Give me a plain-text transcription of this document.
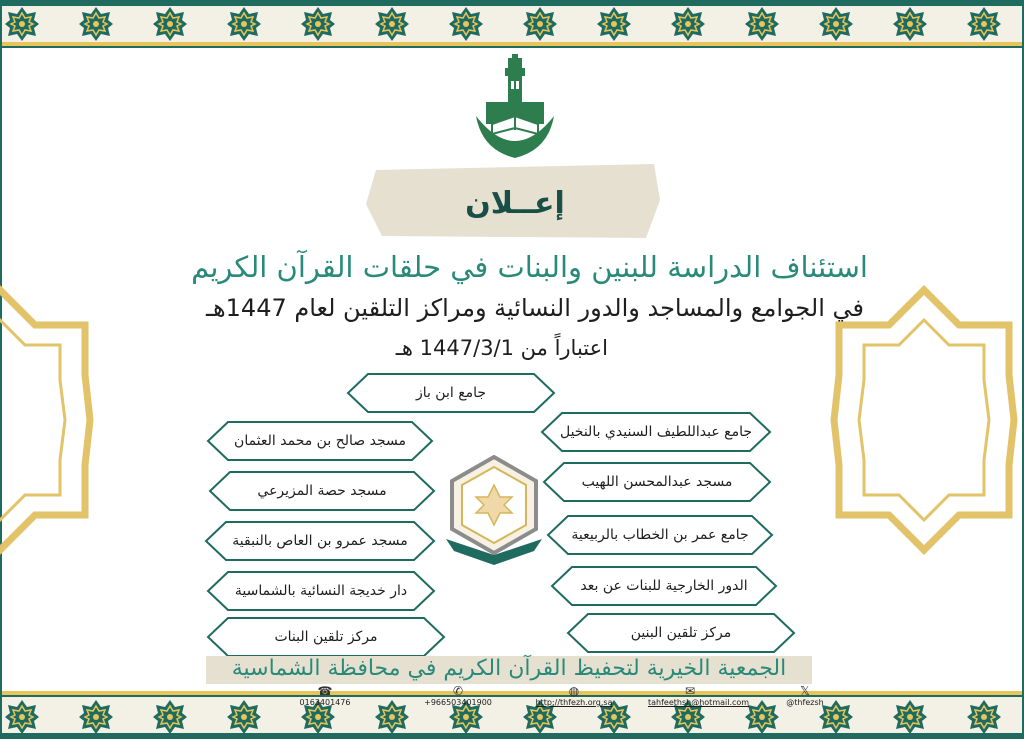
إعــلان
استئناف الدراسة للبنين والبنات في حلقات القرآن الكريم
في الجوامع والمساجد والدور النسائية ومراكز التلقين لعام 1447هـ
اعتباراً من 1447/3/1 هـ
جامع ابن باز
مسجد صالح بن محمد العثمان
مسجد حصة المزيرعي
مسجد عمرو بن العاص بالنبقية
دار خديجة النسائية بالشماسية
مركز تلقين البنات
جامع عبداللطيف السنيدي بالنخيل
مسجد عبدالمحسن اللهيب
جامع عمر بن الخطاب بالربيعية
الدور الخارجية للبنات عن بعد
مركز تلقين البنين
الجمعية الخيرية لتحفيظ القرآن الكريم في محافظة الشماسية
☎
0163401476
✆
+966503401900
◍
http://thfezh.org.sa
✉
tahfeethsh@hotmail.com
𝕏
@thfezsh
